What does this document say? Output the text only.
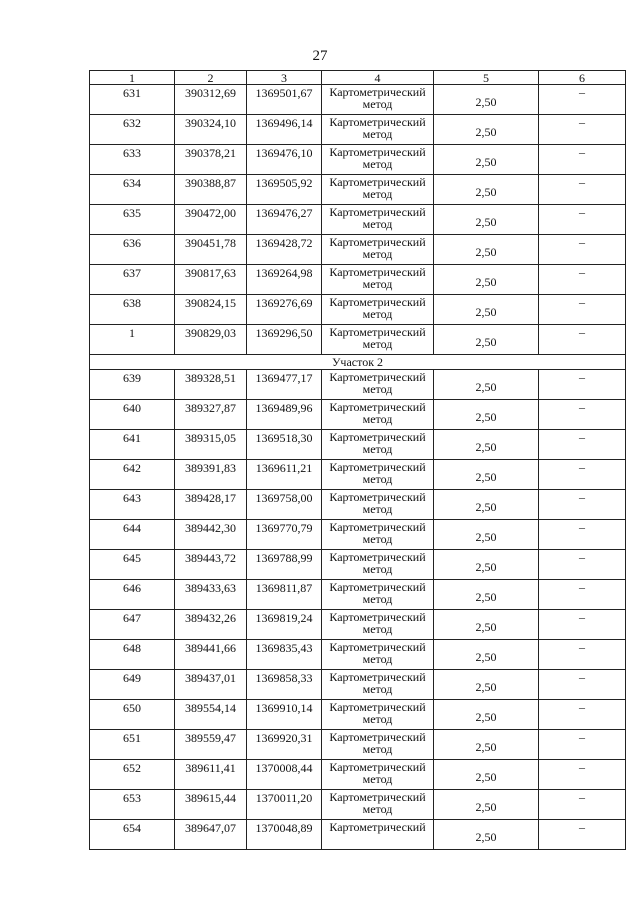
27
1	2	3	4	5	6
631	390312,69	1369501,67	Картометрический метод	2,50	–
632	390324,10	1369496,14	Картометрический метод	2,50	–
633	390378,21	1369476,10	Картометрический метод	2,50	–
634	390388,87	1369505,92	Картометрический метод	2,50	–
635	390472,00	1369476,27	Картометрический метод	2,50	–
636	390451,78	1369428,72	Картометрический метод	2,50	–
637	390817,63	1369264,98	Картометрический метод	2,50	–
638	390824,15	1369276,69	Картометрический метод	2,50	–
1	390829,03	1369296,50	Картометрический метод	2,50	–
Участок 2					
639	389328,51	1369477,17	Картометрический метод	2,50	–
640	389327,87	1369489,96	Картометрический метод	2,50	–
641	389315,05	1369518,30	Картометрический метод	2,50	–
642	389391,83	1369611,21	Картометрический метод	2,50	–
643	389428,17	1369758,00	Картометрический метод	2,50	–
644	389442,30	1369770,79	Картометрический метод	2,50	–
645	389443,72	1369788,99	Картометрический метод	2,50	–
646	389433,63	1369811,87	Картометрический метод	2,50	–
647	389432,26	1369819,24	Картометрический метод	2,50	–
648	389441,66	1369835,43	Картометрический метод	2,50	–
649	389437,01	1369858,33	Картометрический метод	2,50	–
650	389554,14	1369910,14	Картометрический метод	2,50	–
651	389559,47	1369920,31	Картометрический метод	2,50	–
652	389611,41	1370008,44	Картометрический метод	2,50	–
653	389615,44	1370011,20	Картометрический метод	2,50	–
654	389647,07	1370048,89	Картометрический	2,50	–
